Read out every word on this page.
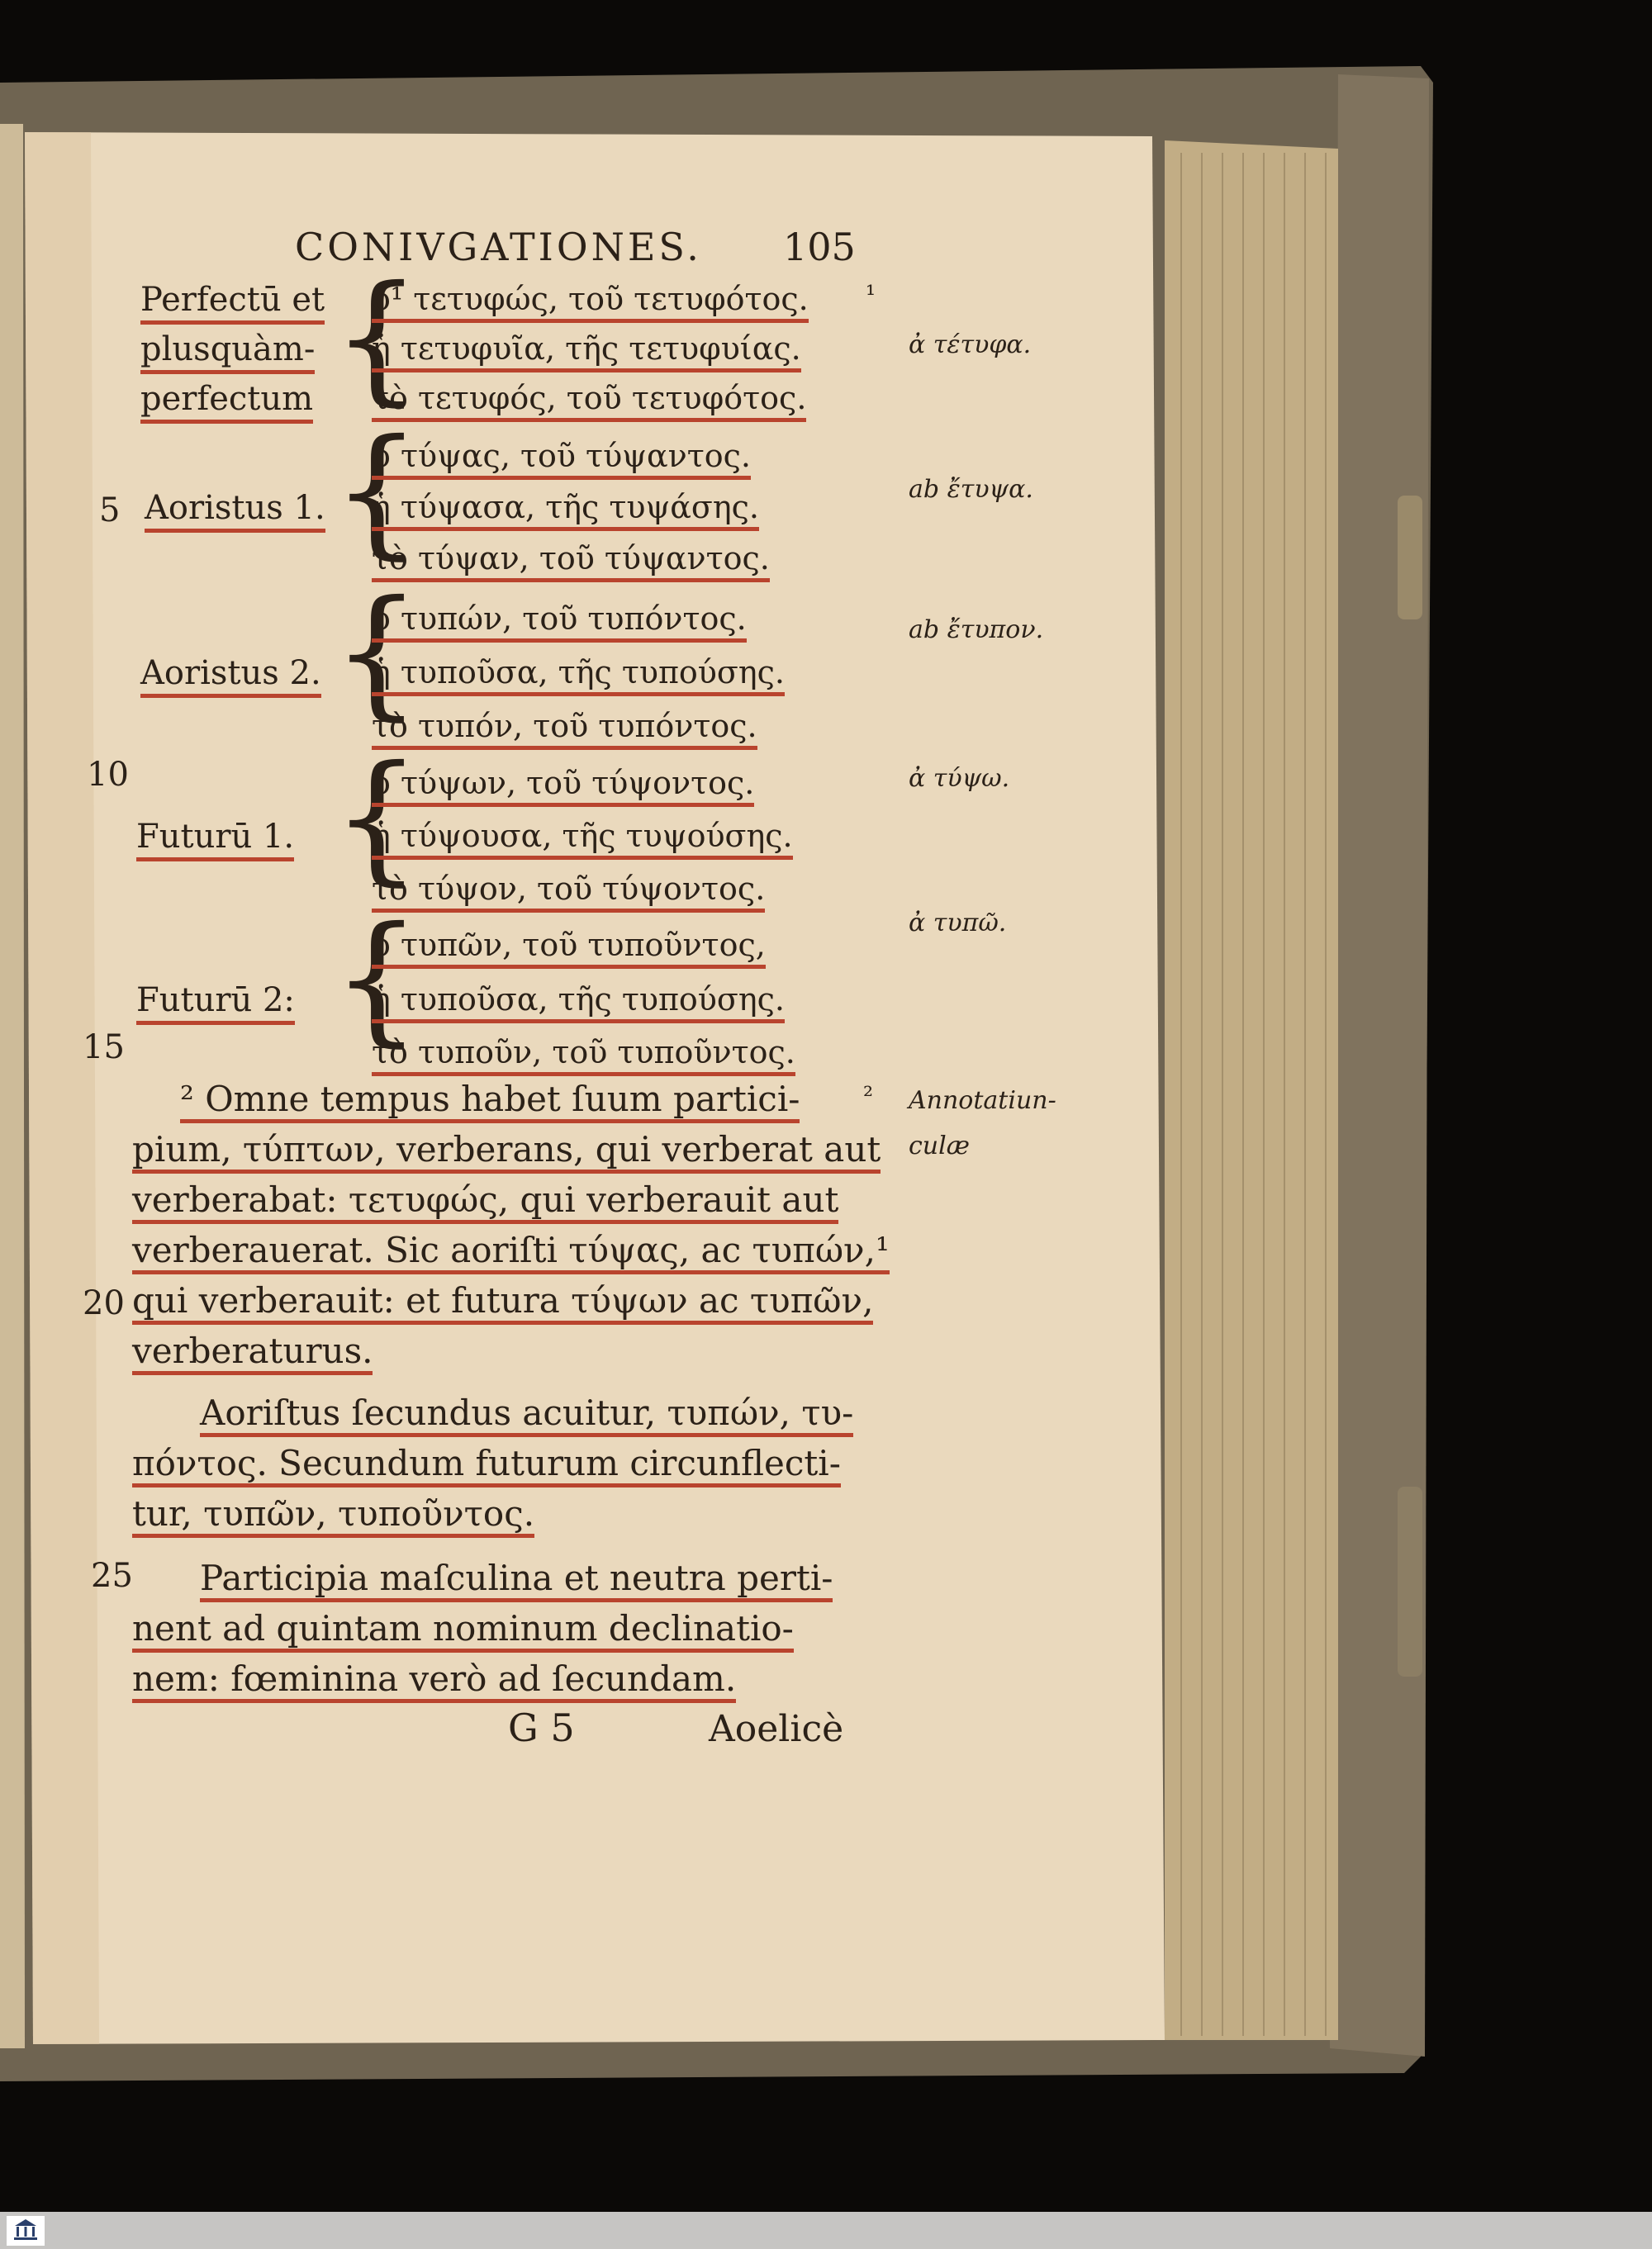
CONIVGATIONES. 105
¹
Perfectū et
plusquàm-
perfectum {
ὁ¹ τετυφώς, τοῦ τετυφότος.
ἡ τετυφυῖα, τῆς τετυφυίας.
τὸ τετυφός, τοῦ τετυφότος.
Aoristus 1. {
ὁ τύψας, τοῦ τύψαντος.
ἡ τύψασα, τῆς τυψάσης.
τὸ τύψαν, τοῦ τύψαντος.
Aoristus 2. {
ὁ τυπών, τοῦ τυπόντος.
ἡ τυποῦσα, τῆς τυπούσης.
τὸ τυπόν, τοῦ τυπόντος.
Futurū 1. {
ὁ τύψων, τοῦ τύψοντος.
ἡ τύψουσα, τῆς τυψούσης.
τὸ τύψον, τοῦ τύψοντος.
Futurū 2: {
ὁ τυπῶν, τοῦ τυποῦντος,
ἡ τυποῦσα, τῆς τυπούσης.
τὸ τυποῦν, τοῦ τυποῦντος.
5
10
15
20
25
² Omne tempus habet ſuum partici-
pium, τύπτων, verberans, qui verberat aut
verberabat: τετυφώς, qui verberauit aut
verberauerat. Sic aoriſti τύψας, ac τυπών,¹
qui verberauit: et futura τύψων ac τυπῶν,
verberaturus.
Aoriſtus ſecundus acuitur, τυπών, τυ-
πόντος. Secundum futurum circunflecti-
tur, τυπῶν, τυποῦντος.
Participia maſculina et neutra perti-
nent ad quintam nominum declinatio-
nem: fœminina verò ad ſecundam.
ἀ τέτυφα.
ab ἔτυψα.
ab ἔτυπον.
ἀ τύψω.
ἀ τυπῶ.
² Annotatiun-
culæ
G 5	Aoelicè
